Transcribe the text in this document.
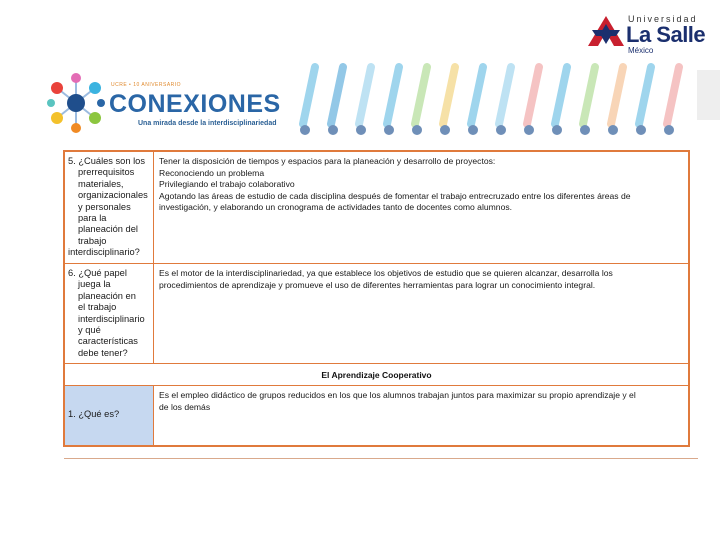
Universidad
La Salle
México
UCRE • 10 ANIVERSARIO
CONEXIONES
Una mirada desde la interdisciplinariedad
5. ¿Cuáles son los
prerrequisitos
materiales,
organizacionales
y personales
para la
planeación del
trabajo
interdisciplinario?
Tener la disposición de tiempos y espacios para la planeación y desarrollo de proyectos:
Reconociendo un problema
Privilegiando el trabajo colaborativo
Agotando las áreas de estudio de cada disciplina después de fomentar el trabajo entrecruzado entre los diferentes áreas de
investigación, y elaborando un cronograma de actividades tanto de docentes como alumnos.
6. ¿Qué papel
juega la
planeación en
el trabajo
interdisciplinario
y qué
características
debe tener?
Es el motor de la interdisciplinariedad, ya que establece los objetivos de estudio que se quieren alcanzar, desarrolla los
procedimientos de aprendizaje y promueve el uso de diferentes herramientas para lograr un conocimiento integral.
El Aprendizaje Cooperativo
1. ¿Qué es?
Es el empleo didáctico de grupos reducidos en los que los alumnos trabajan juntos para maximizar su propio aprendizaje y el
de los demás
